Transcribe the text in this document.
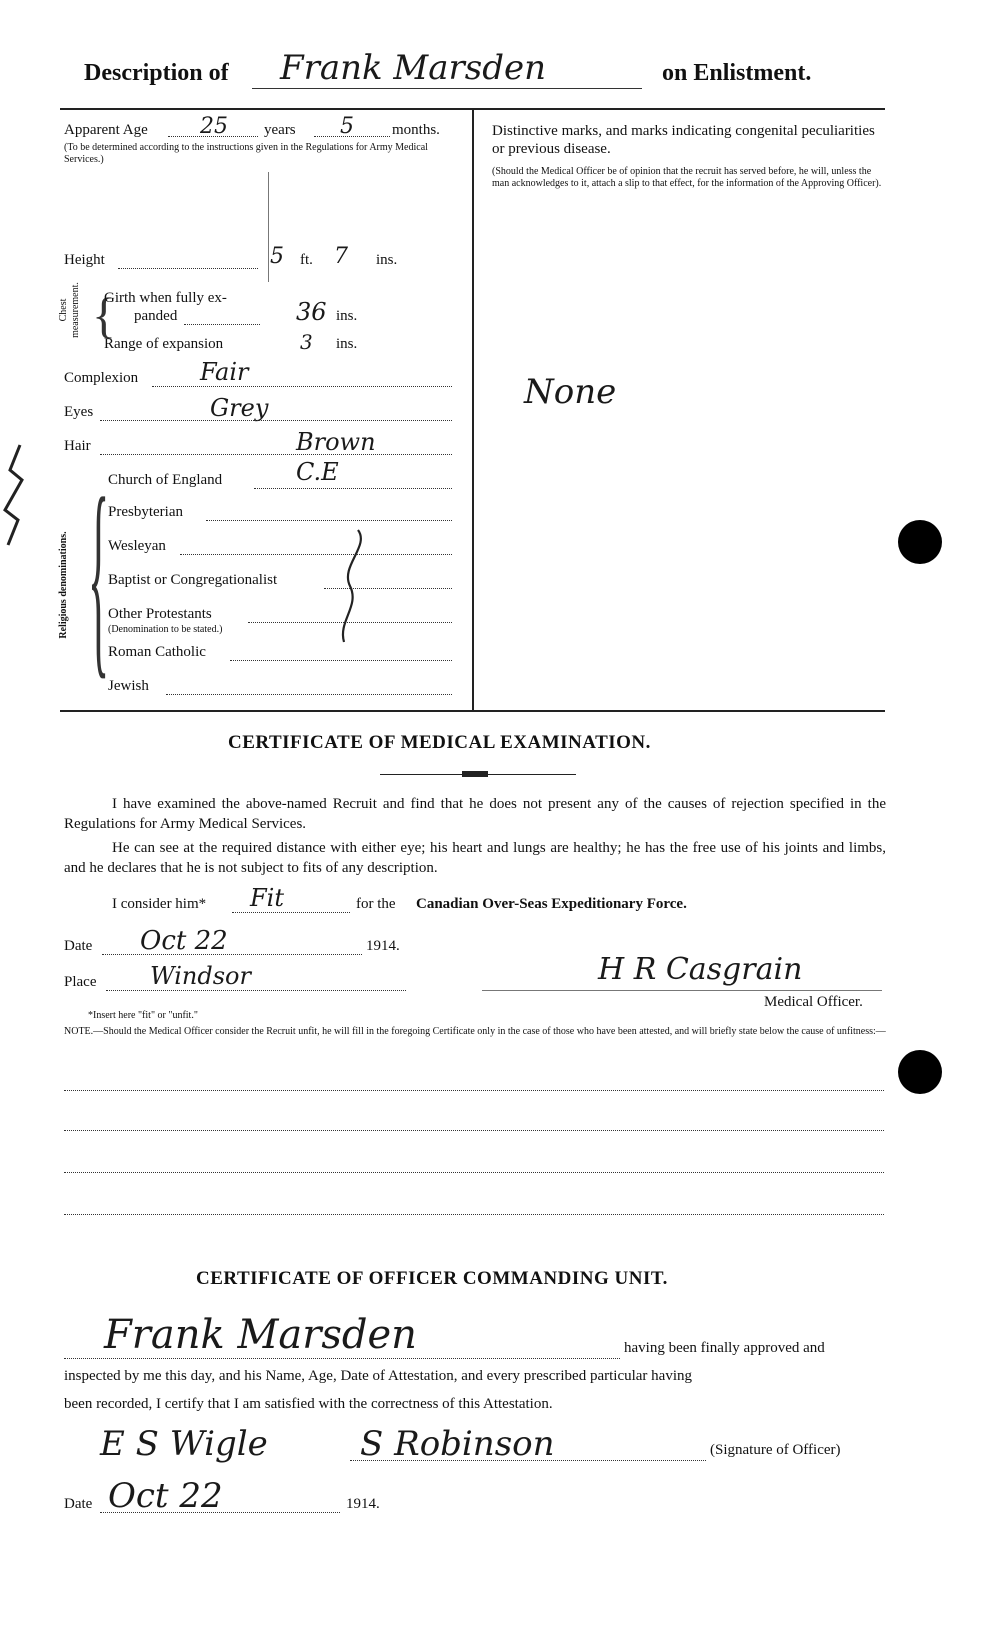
Description of Frank Marsden	on Enlistment.
Apparent Age 25 years 5	months.
(To be determined according to the instructions given in the Regulations for Army Medical Services.)
Height	5 ft. 7 ins.
Chest measurement. {
Girth when fully ex-
panded	36 ins.
Range of expansion	3 ins.
Complexion	Fair
Eyes	Grey
Hair	Brown
Religious denominations. {
Church of England	C.E
Presbyterian
Wesleyan
Baptist or Congregationalist
Other Protestants
(Denomination to be stated.)
Roman Catholic
Jewish
Distinctive marks, and marks indicating congenital peculiarities or previous disease.
(Should the Medical Officer be of opinion that the recruit has served before, he will, unless the man acknowledges to it, attach a slip to that effect, for the information of the Approving Officer).
None
CERTIFICATE OF MEDICAL EXAMINATION.
I have examined the above-named Recruit and find that he does not present any of the causes of rejection specified in the Regulations for Army Medical Services.
He can see at the required distance with either eye; his heart and lungs are healthy; he has the free use of his joints and limbs, and he declares that he is not subject to fits of any description.
I consider him* Fit	for the Canadian Over-Seas Expeditionary Force.
Date Oct 22	1914.
Place Windsor	H R Casgrain
Medical Officer.
*Insert here "fit" or "unfit."
NOTE.—Should the Medical Officer consider the Recruit unfit, he will fill in the foregoing Certificate only in the case of those who have been attested, and will briefly state below the cause of unfitness:—
CERTIFICATE OF OFFICER COMMANDING UNIT.
Frank Marsden	having been finally approved and
inspected by me this day, and his Name, Age, Date of Attestation, and every prescribed particular having
been recorded, I certify that I am satisfied with the correctness of this Attestation.
E S Wigle	S Robinson	(Signature of Officer)
Date Oct 22	1914.
